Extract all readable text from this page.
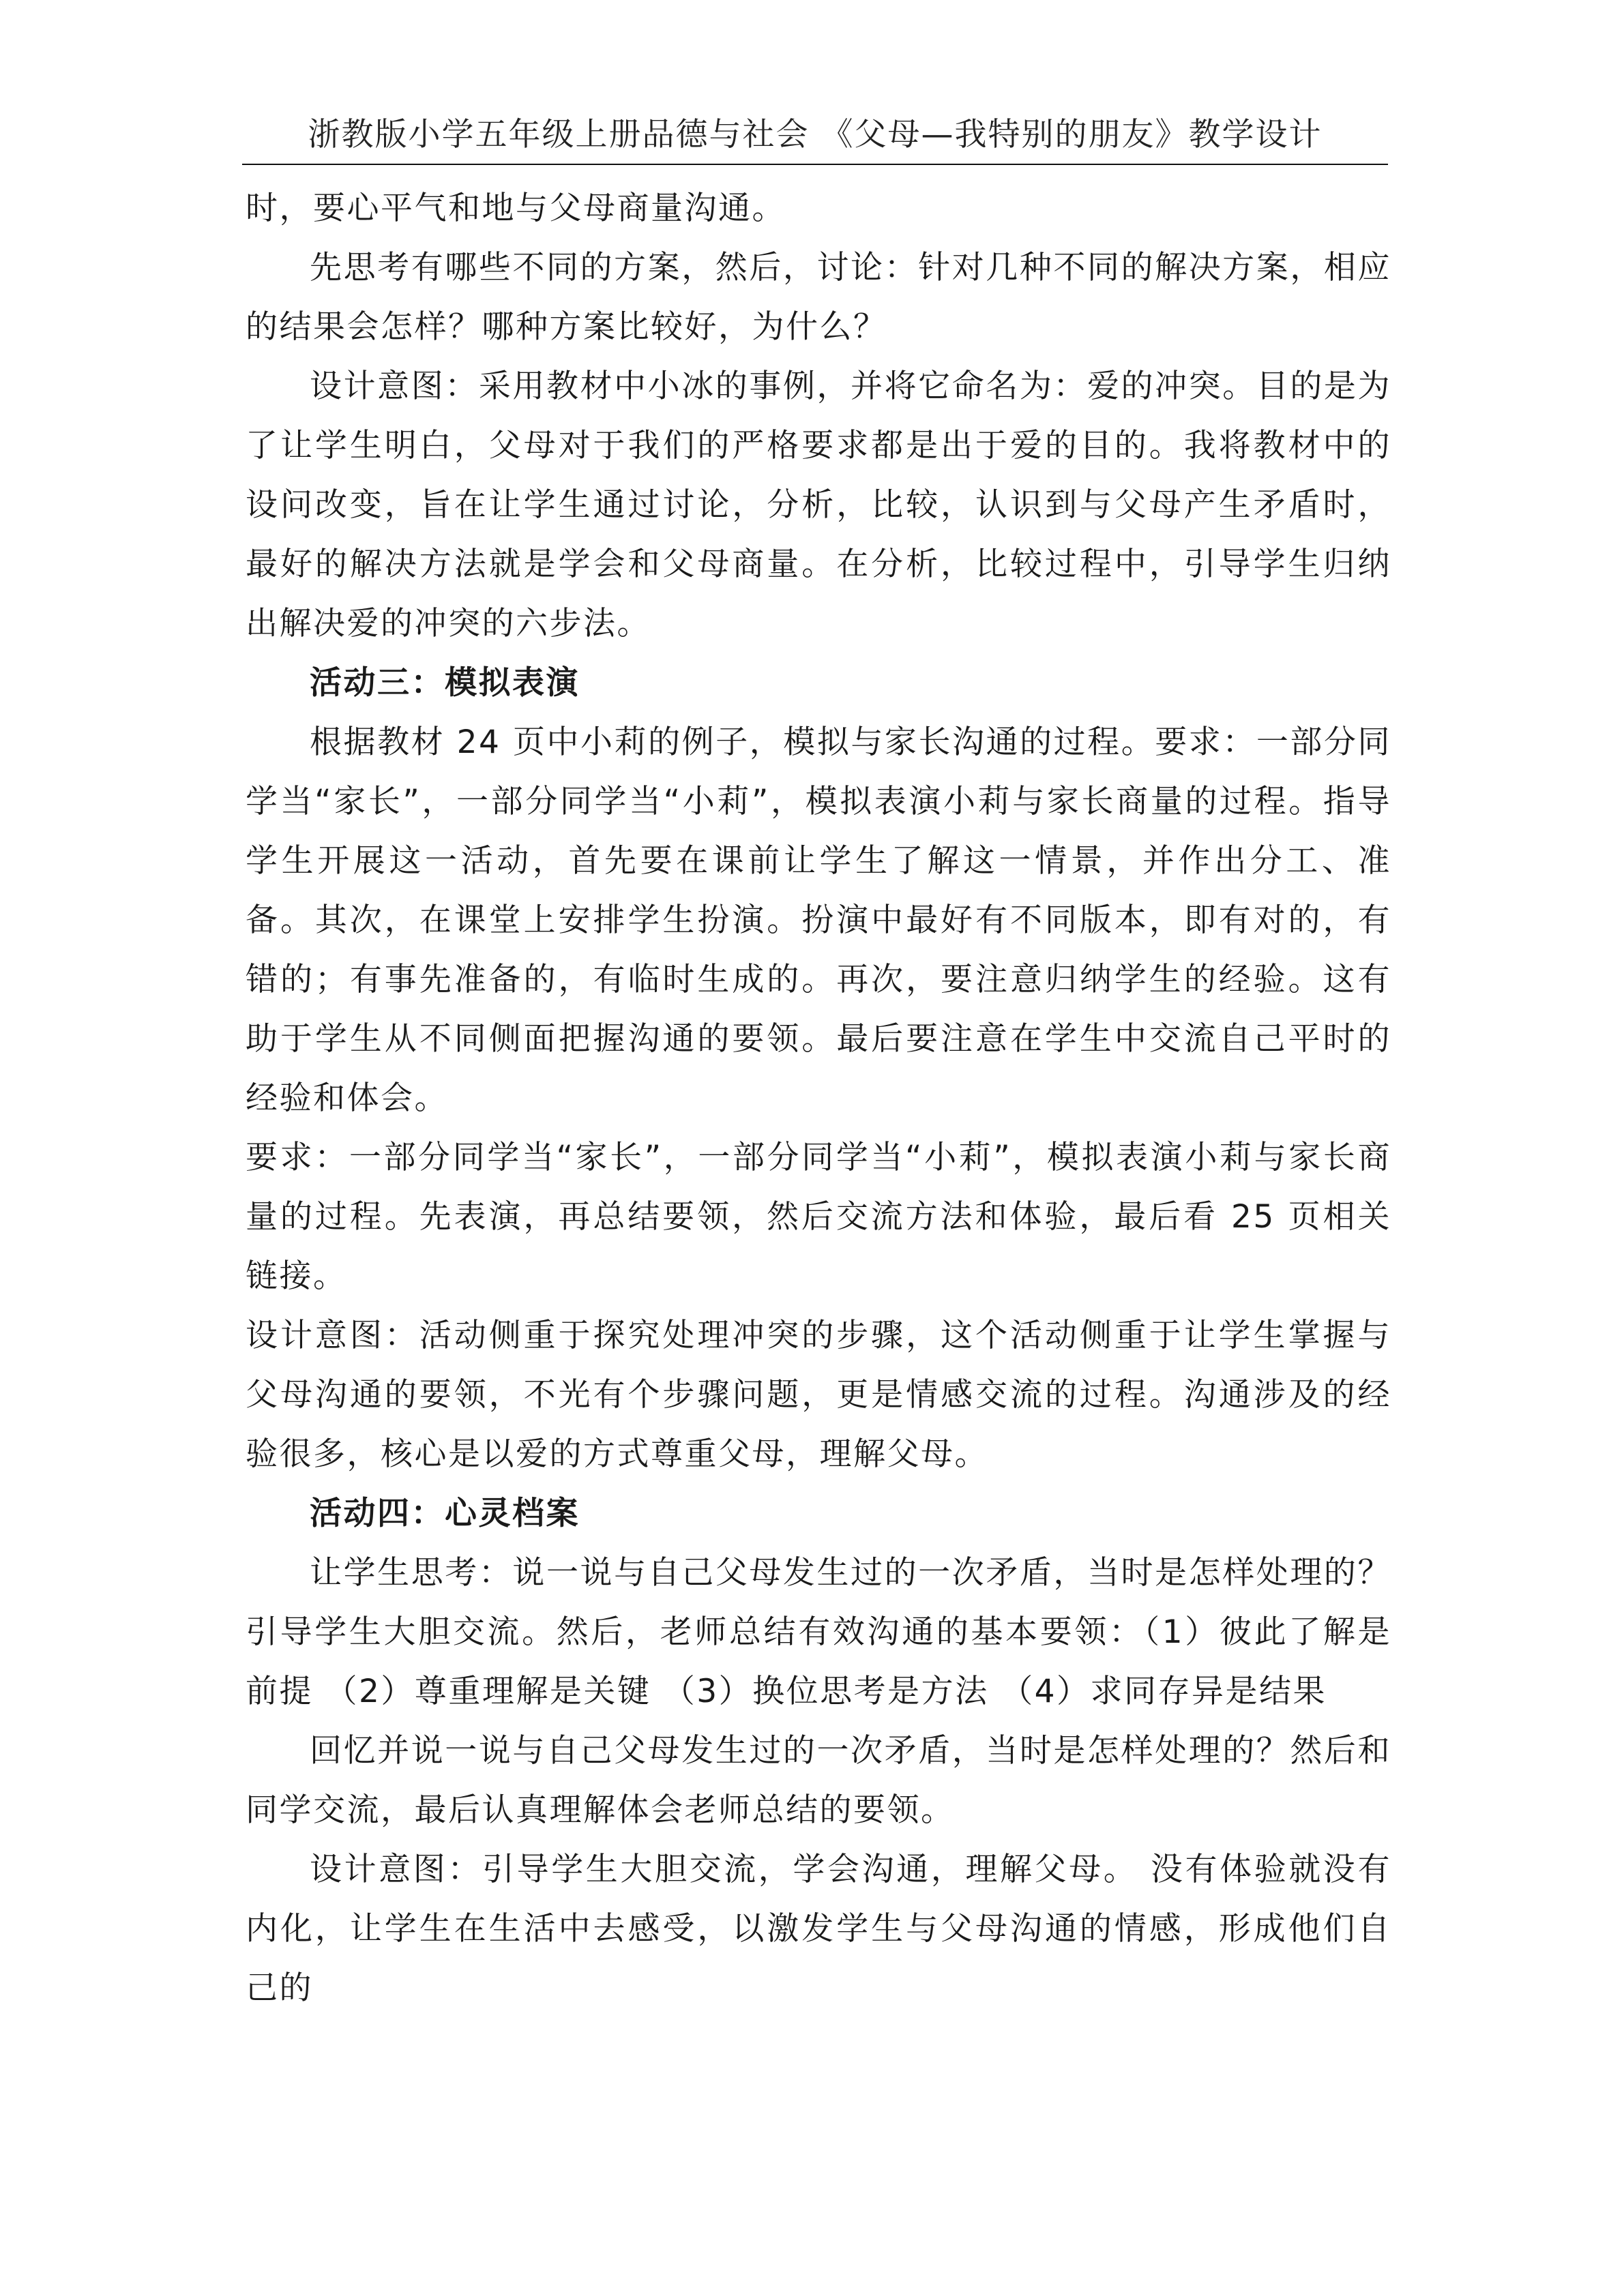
浙教版小学五年级上册品德与社会 《父母—我特别的朋友》教学设计

时，要心平气和地与父母商量沟通。

先思考有哪些不同的方案，然后，讨论：针对几种不同的解决方案，相应的结果会怎样？哪种方案比较好，为什么？

设计意图：采用教材中小冰的事例，并将它命名为：爱的冲突。目的是为了让学生明白，父母对于我们的严格要求都是出于爱的目的。我将教材中的设问改变，旨在让学生通过讨论，分析，比较，认识到与父母产生矛盾时，最好的解决方法就是学会和父母商量。在分析，比较过程中，引导学生归纳出解决爱的冲突的六步法。

活动三：模拟表演

根据教材 24 页中小莉的例子，模拟与家长沟通的过程。要求：一部分同学当“家长”，一部分同学当“小莉”，模拟表演小莉与家长商量的过程。指导学生开展这一活动，首先要在课前让学生了解这一情景，并作出分工、准备。其次，在课堂上安排学生扮演。扮演中最好有不同版本，即有对的，有错的；有事先准备的，有临时生成的。再次，要注意归纳学生的经验。这有助于学生从不同侧面把握沟通的要领。最后要注意在学生中交流自己平时的经验和体会。

要求：一部分同学当“家长”，一部分同学当“小莉”，模拟表演小莉与家长商量的过程。先表演，再总结要领，然后交流方法和体验，最后看 25 页相关链接。

设计意图：活动侧重于探究处理冲突的步骤，这个活动侧重于让学生掌握与父母沟通的要领，不光有个步骤问题，更是情感交流的过程。沟通涉及的经验很多，核心是以爱的方式尊重父母，理解父母。

活动四：心灵档案

让学生思考：说一说与自己父母发生过的一次矛盾，当时是怎样处理的？引导学生大胆交流。然后，老师总结有效沟通的基本要领：（1）彼此了解是前提 （2）尊重理解是关键 （3）换位思考是方法 （4）求同存异是结果

回忆并说一说与自己父母发生过的一次矛盾，当时是怎样处理的？然后和同学交流，最后认真理解体会老师总结的要领。

设计意图：引导学生大胆交流，学会沟通，理解父母。 没有体验就没有内化，让学生在生活中去感受，以激发学生与父母沟通的情感，形成他们自己的
